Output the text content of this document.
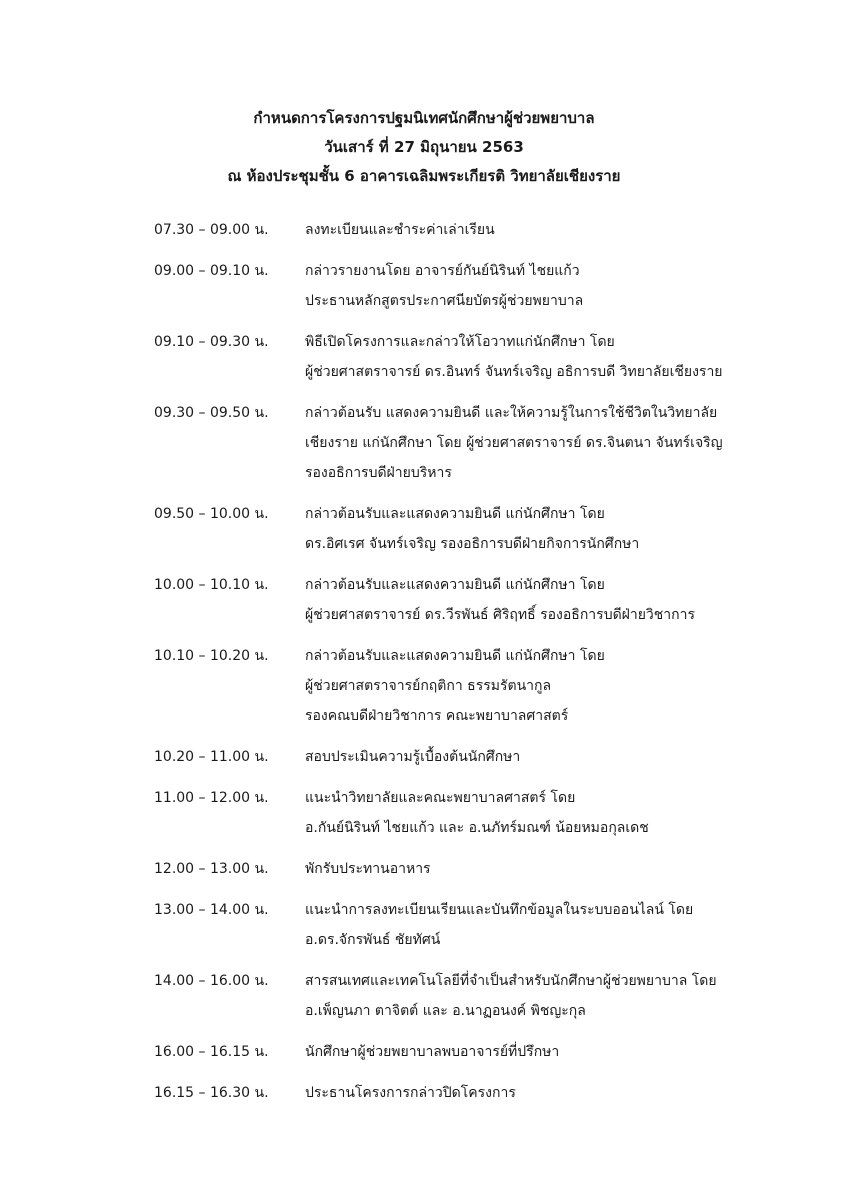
กำหนดการโครงการปฐมนิเทศนักศึกษาผู้ช่วยพยาบาล
วันเสาร์ ที่ 27 มิถุนายน 2563
ณ ห้องประชุมชั้น 6 อาคารเฉลิมพระเกียรติ วิทยาลัยเชียงราย
07.30 – 09.00 น.	ลงทะเบียนและชำระค่าเล่าเรียน
09.00 – 09.10 น.	กล่าวรายงานโดย อาจารย์กันย์นิรินท์ ไชยแก้ว
ประธานหลักสูตรประกาศนียบัตรผู้ช่วยพยาบาล
09.10 – 09.30 น.	พิธีเปิดโครงการและกล่าวให้โอวาทแก่นักศึกษา โดย
ผู้ช่วยศาสตราจารย์ ดร.อินทร์ จันทร์เจริญ อธิการบดี วิทยาลัยเชียงราย
09.30 – 09.50 น.	กล่าวต้อนรับ แสดงความยินดี และให้ความรู้ในการใช้ชีวิตในวิทยาลัย
เชียงราย แก่นักศึกษา โดย ผู้ช่วยศาสตราจารย์ ดร.จินตนา จันทร์เจริญ
รองอธิการบดีฝ่ายบริหาร
09.50 – 10.00 น.	กล่าวต้อนรับและแสดงความยินดี แก่นักศึกษา โดย
ดร.อิศเรศ จันทร์เจริญ รองอธิการบดีฝ่ายกิจการนักศึกษา
10.00 – 10.10 น.	กล่าวต้อนรับและแสดงความยินดี แก่นักศึกษา โดย
ผู้ช่วยศาสตราจารย์ ดร.วีรพันธ์ ศิริฤทธิ์ รองอธิการบดีฝ่ายวิชาการ
10.10 – 10.20 น.	กล่าวต้อนรับและแสดงความยินดี แก่นักศึกษา โดย
ผู้ช่วยศาสตราจารย์กฤติกา ธรรมรัตนากูล
รองคณบดีฝ่ายวิชาการ คณะพยาบาลศาสตร์
10.20 – 11.00 น.	สอบประเมินความรู้เบื้องต้นนักศึกษา
11.00 – 12.00 น.	แนะนำวิทยาลัยและคณะพยาบาลศาสตร์ โดย
อ.กันย์นิรินท์ ไชยแก้ว และ อ.นภัทร์มณฑ์ น้อยหมอกุลเดช
12.00 – 13.00 น.	พักรับประทานอาหาร
13.00 – 14.00 น.	แนะนำการลงทะเบียนเรียนและบันทึกข้อมูลในระบบออนไลน์ โดย
อ.ดร.จักรพันธ์ ชัยทัศน์
14.00 – 16.00 น.	สารสนเทศและเทคโนโลยีที่จำเป็นสำหรับนักศึกษาผู้ช่วยพยาบาล โดย
อ.เพ็ญนภา ตาจิตต์ และ อ.นาฏอนงค์ พิชญะกุล
16.00 – 16.15 น.	นักศึกษาผู้ช่วยพยาบาลพบอาจารย์ที่ปรึกษา
16.15 – 16.30 น.	ประธานโครงการกล่าวปิดโครงการ
